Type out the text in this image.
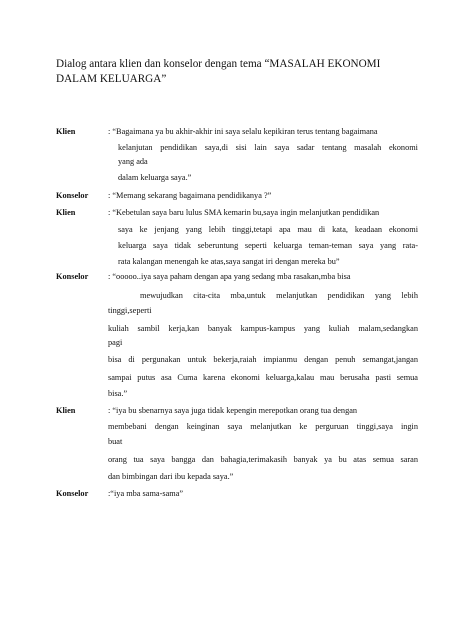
Dialog antara klien dan konselor dengan tema “MASALAH EKONOMI
DALAM KELUARGA”
Klien	: “Bagaimana ya bu akhir-akhir ini saya selalu kepikiran terus tentang bagaimana
kelanjutan pendidikan saya,di sisi lain saya sadar tentang masalah ekonomi
yang ada
dalam keluarga saya.”
Konselor : “Memang sekarang bagaimana pendidikanya ?”
Klien	: “Kebetulan saya baru lulus SMA kemarin bu,saya ingin melanjutkan pendidikan
saya ke jenjang yang lebih tinggi,tetapi apa mau di kata, keadaan ekonomi
keluarga saya tidak seberuntung seperti keluarga teman-teman saya yang rata-
rata kalangan menengah ke atas,saya sangat iri dengan mereka bu”
Konselor : “ooooo..iya saya paham dengan apa yang sedang mba rasakan,mba bisa
mewujudkan cita-cita mba,untuk melanjutkan pendidikan yang lebih
tinggi,seperti
kuliah sambil kerja,kan banyak kampus-kampus yang kuliah malam,sedangkan
pagi
bisa di pergunakan untuk bekerja,raiah impianmu dengan penuh semangat,jangan
sampai putus asa Cuma karena ekonomi keluarga,kalau mau berusaha pasti semua
bisa.”
Klien	: “iya bu sbenarnya saya juga tidak kepengin merepotkan orang tua dengan
membebani dengan keinginan saya melanjutkan ke perguruan tinggi,saya ingin
buat
orang tua saya bangga dan bahagia,terimakasih banyak ya bu atas semua saran
dan bimbingan dari ibu kepada saya.”
Konselor :“iya mba sama-sama”
